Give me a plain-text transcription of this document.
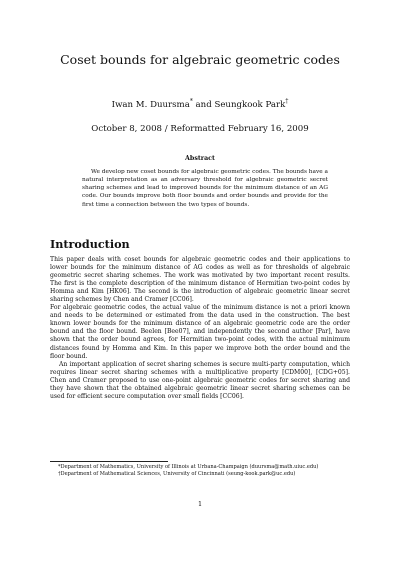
Coset bounds for algebraic geometric codes
Iwan M. Duursma* and Seungkook Park†
October 8, 2008 / Reformatted February 16, 2009
Abstract
We develop new coset bounds for algebraic geometric codes. The bounds have a natural interpretation as an adversary threshold for algebraic geometric secret sharing schemes and lead to improved bounds for the minimum distance of an AG code. Our bounds improve both floor bounds and order bounds and provide for the first time a connection between the two types of bounds.
Introduction

This paper deals with coset bounds for algebraic geometric codes and their applications to lower bounds for the minimum distance of AG codes as well as for thresholds of algebraic geometric secret sharing schemes. The work was motivated by two important recent results. The first is the complete description of the minimum distance of Hermitian two-point codes by Homma and Kim [HK06]. The second is the introduction of algebraic geometric linear secret sharing schemes by Chen and Cramer [CC06].

For algebraic geometric codes, the actual value of the minimum distance is not a priori known and needs to be determined or estimated from the data used in the construction. The best known lower bounds for the minimum distance of an algebraic geometric code are the order bound and the floor bound. Beelen [Bee07], and independently the second author [Par], have shown that the order bound agrees, for Hermitian two-point codes, with the actual minimum distances found by Homma and Kim. In this paper we improve both the order bound and the floor bound.

An important application of secret sharing schemes is secure multi-party computation, which requires linear secret sharing schemes with a multiplicative property [CDM00], [CDG+05]. Chen and Cramer proposed to use one-point algebraic geometric codes for secret sharing and they have shown that the obtained algebraic geometric linear secret sharing schemes can be used for efficient secure computation over small fields [CC06].

*Department of Mathematics, University of Illinois at Urbana-Champaign (duursma@math.uiuc.edu)
†Department of Mathematical Sciences, University of Cincinnati (seung-kook.park@uc.edu)
1
